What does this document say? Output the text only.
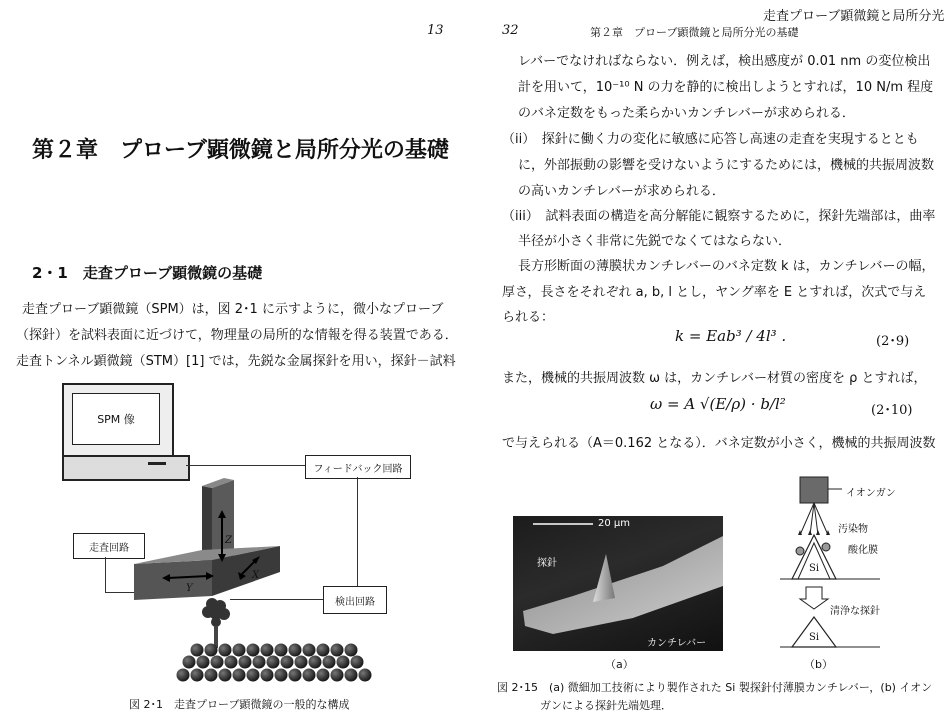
走査プローブ顕微鏡と局所分光
13
第２章　プローブ顕微鏡と局所分光の基礎
2・1　走査プローブ顕微鏡の基礎
走査プローブ顕微鏡（SPM）は，図 2･1 に示すように，微小なプローブ
（探針）を試料表面に近づけて，物理量の局所的な情報を得る装置である．
走査トンネル顕微鏡（STM）[1] では，先鋭な金属探針を用い，探針－試料
SPM 像
フィードバック回路
走査回路
検出回路
Z
X
Y
図 2･1　走査プローブ顕微鏡の一般的な構成
32	第２章　プローブ顕微鏡と局所分光の基礎
レバーでなければならない．例えば，検出感度が 0.01 nm の変位検出
計を用いて，10⁻¹⁰ N の力を静的に検出しようとすれば，10 N/m 程度
のバネ定数をもった柔らかいカンチレバーが求められる．
（ii）　探針に働く力の変化に敏感に応答し高速の走査を実現するととも
に，外部振動の影響を受けないようにするためには，機械的共振周波数
の高いカンチレバーが求められる．
（iii）　試料表面の構造を高分解能に観察するために，探針先端部は，曲率
半径が小さく非常に先鋭でなくてはならない．
長方形断面の薄膜状カンチレバーのバネ定数 k は，カンチレバーの幅，
厚さ，長さをそれぞれ a, b, l とし，ヤング率を E とすれば，次式で与え
られる：
k = Eab³ / 4l³ .	(2･9)
また，機械的共振周波数 ω は，カンチレバー材質の密度を ρ とすれば，
ω = A √(E/ρ) · b/l²	(2･10)
で与えられる（A＝0.162 となる）．バネ定数が小さく，機械的共振周波数
20 μm
探針
カンチレバー
（a）
イオンガン
汚染物
酸化膜
Si
清浄な探針
Si
（b）
図 2･15　(a) 微細加工技術により製作された Si 製探針付薄膜カンチレバー，(b) イオン
ガンによる探針先端処理．
